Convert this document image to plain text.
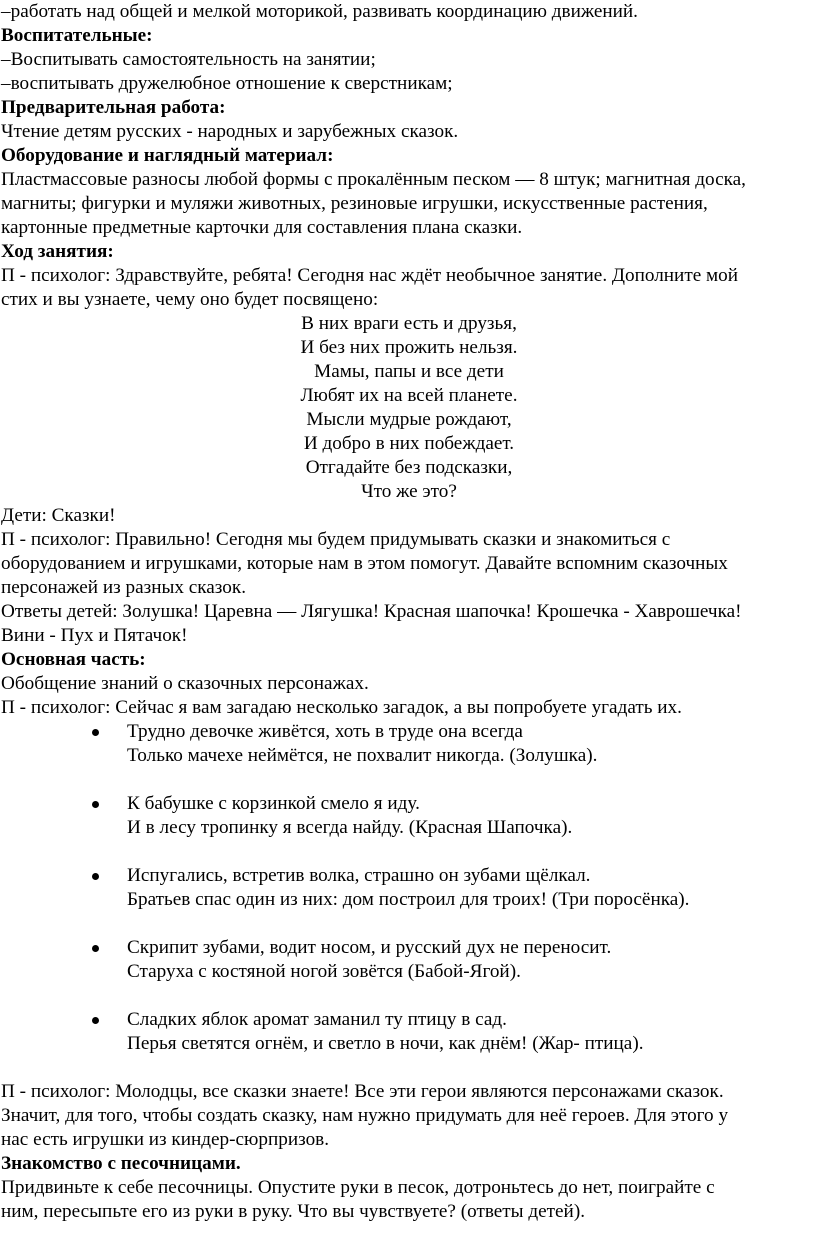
–работать над общей и мелкой моторикой, развивать координацию движений.
Воспитательные:
–Воспитывать самостоятельность на занятии;
–воспитывать дружелюбное отношение к сверстникам;
Предварительная работа:
Чтение детям русских - народных и зарубежных сказок.
Оборудование и наглядный материал:
Пластмассовые разносы любой формы с прокалённым песком — 8 штук; магнитная доска,
магниты; фигурки и муляжи животных, резиновые игрушки, искусственные растения,
картонные предметные карточки для составления плана сказки.
Ход занятия:
П - психолог: Здравствуйте, ребята! Сегодня нас ждёт необычное занятие. Дополните мой
стих и вы узнаете, чему оно будет посвящено:
В них враги есть и друзья,
И без них прожить нельзя.
Мамы, папы и все дети
Любят их на всей планете.
Мысли мудрые рождают,
И добро в них побеждает.
Отгадайте без подсказки,
Что же это?
Дети: Сказки!
П - психолог: Правильно! Сегодня мы будем придумывать сказки и знакомиться с
оборудованием и игрушками, которые нам в этом помогут. Давайте вспомним сказочных
персонажей из разных сказок.
Ответы детей: Золушка! Царевна — Лягушка! Красная шапочка! Крошечка - Хаврошечка!
Вини - Пух и Пятачок!
Основная часть:
Обобщение знаний о сказочных персонажах.
П - психолог: Сейчас я вам загадаю несколько загадок, а вы попробуете угадать их.
Трудно девочке живётся, хоть в труде она всегда
Только мачехе неймётся, не похвалит никогда. (Золушка).
К бабушке с корзинкой смело я иду.
И в лесу тропинку я всегда найду. (Красная Шапочка).
Испугались, встретив волка, страшно он зубами щёлкал.
Братьев спас один из них: дом построил для троих! (Три поросёнка).
Скрипит зубами, водит носом, и русский дух не переносит.
Старуха с костяной ногой зовётся (Бабой-Ягой).
Сладких яблок аромат заманил ту птицу в сад.
Перья светятся огнём, и светло в ночи, как днём! (Жар- птица).
П - психолог: Молодцы, все сказки знаете! Все эти герои являются персонажами сказок.
Значит, для того, чтобы создать сказку, нам нужно придумать для неё героев. Для этого у
нас есть игрушки из киндер-сюрпризов.
Знакомство с песочницами.
Придвиньте к себе песочницы. Опустите руки в песок, дотроньтесь до нет, поиграйте с
ним, пересыпьте его из руки в руку. Что вы чувствуете? (ответы детей).
